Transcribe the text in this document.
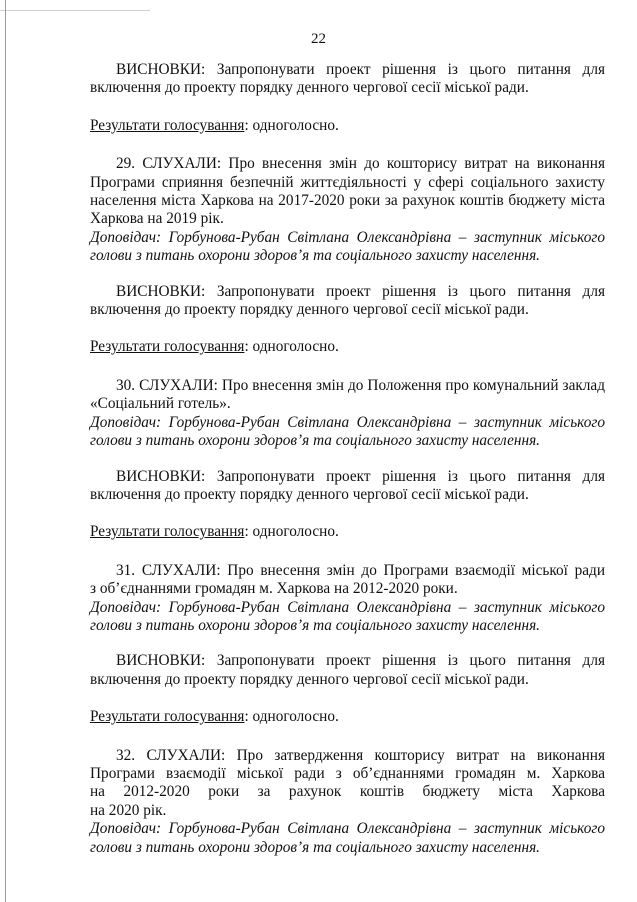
22

ВИСНОВКИ: Запропонувати проект рішення із цього питання для

включення до проекту порядку денного чергової сесії міської ради.

Результати голосування: одноголосно.

29. СЛУХАЛИ: Про внесення змін до кошторису витрат на виконання

Програми сприяння безпечній життєдіяльності у сфері соціального захисту

населення міста Харкова на 2017-2020 роки за рахунок коштів бюджету міста

Харкова на 2019 рік.

Доповідач: Горбунова-Рубан Світлана Олександрівна – заступник міського

голови з питань охорони здоров’я та соціального захисту населення.

ВИСНОВКИ: Запропонувати проект рішення із цього питання для

включення до проекту порядку денного чергової сесії міської ради.

Результати голосування: одноголосно.

30. СЛУХАЛИ: Про внесення змін до Положення про комунальний заклад

«Соціальний готель».

Доповідач: Горбунова-Рубан Світлана Олександрівна – заступник міського

голови з питань охорони здоров’я та соціального захисту населення.

ВИСНОВКИ: Запропонувати проект рішення із цього питання для

включення до проекту порядку денного чергової сесії міської ради.

Результати голосування: одноголосно.

31. СЛУХАЛИ: Про внесення змін до Програми взаємодії міської ради

з об’єднаннями громадян м. Харкова на 2012-2020 роки.

Доповідач: Горбунова-Рубан Світлана Олександрівна – заступник міського

голови з питань охорони здоров’я та соціального захисту населення.

ВИСНОВКИ: Запропонувати проект рішення із цього питання для

включення до проекту порядку денного чергової сесії міської ради.

Результати голосування: одноголосно.

32. СЛУХАЛИ: Про затвердження кошторису витрат на виконання

Програми взаємодії міської ради з об’єднаннями громадян м. Харкова

на 2012-2020 роки за рахунок коштів бюджету міста Харкова

на 2020 рік.

Доповідач: Горбунова-Рубан Світлана Олександрівна – заступник міського

голови з питань охорони здоров’я та соціального захисту населення.
